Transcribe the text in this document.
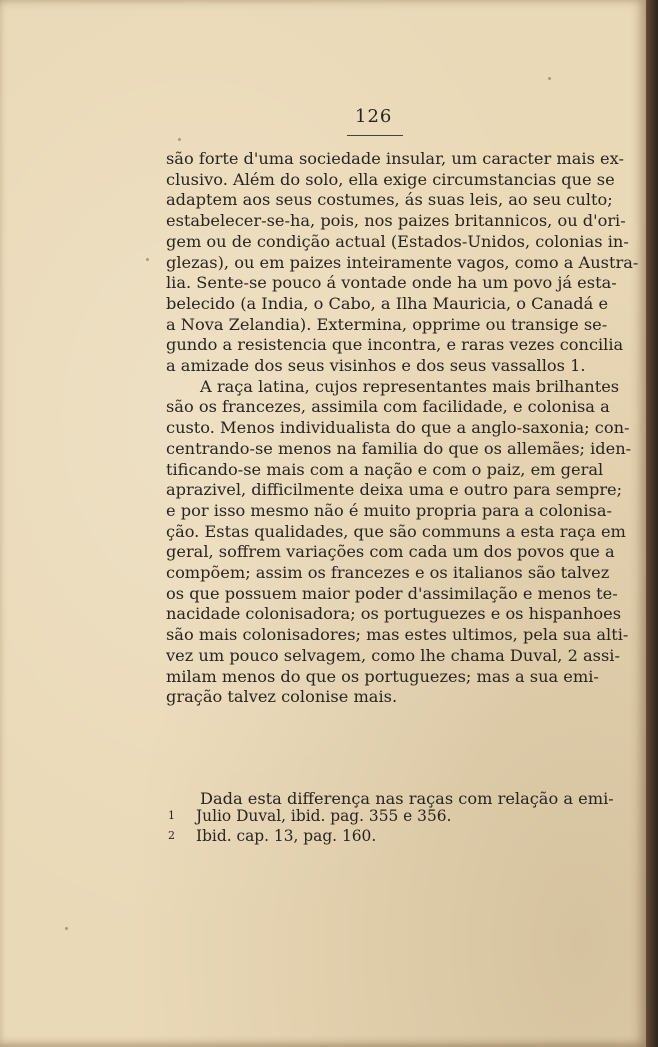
126
são forte d'uma sociedade insular, um caracter mais ex-
clusivo. Além do solo, ella exige circumstancias que se
adaptem aos seus costumes, ás suas leis, ao seu culto;
estabelecer-se-ha, pois, nos paizes britannicos, ou d'ori-
gem ou de condição actual (Estados-Unidos, colonias in-
glezas), ou em paizes inteiramente vagos, como a Austra-
lia. Sente-se pouco á vontade onde ha um povo já esta-
belecido (a India, o Cabo, a Ilha Mauricia, o Canadá e
a Nova Zelandia). Extermina, opprime ou transige se-
gundo a resistencia que incontra, e raras vezes concilia
a amizade dos seus visinhos e dos seus vassallos 1.
A raça latina, cujos representantes mais brilhantes
são os francezes, assimila com facilidade, e colonisa a
custo. Menos individualista do que a anglo-saxonia; con-
centrando-se menos na familia do que os allemães; iden-
tificando-se mais com a nação e com o paiz, em geral
aprazivel, difficilmente deixa uma e outro para sempre;
e por isso mesmo não é muito propria para a colonisa-
ção. Estas qualidades, que são communs a esta raça em
geral, soffrem variações com cada um dos povos que a
compõem; assim os francezes e os italianos são talvez
os que possuem maior poder d'assimilação e menos te-
nacidade colonisadora; os portuguezes e os hispanhoes
são mais colonisadores; mas estes ultimos, pela sua alti-
vez um pouco selvagem, como lhe chama Duval, 2 assi-
milam menos do que os portuguezes; mas a sua emi-
gração talvez colonise mais.
Dada esta differença nas raças com relação a emi-
1 Julio Duval, ibid. pag. 355 e 356.
2 Ibid. cap. 13, pag. 160.
